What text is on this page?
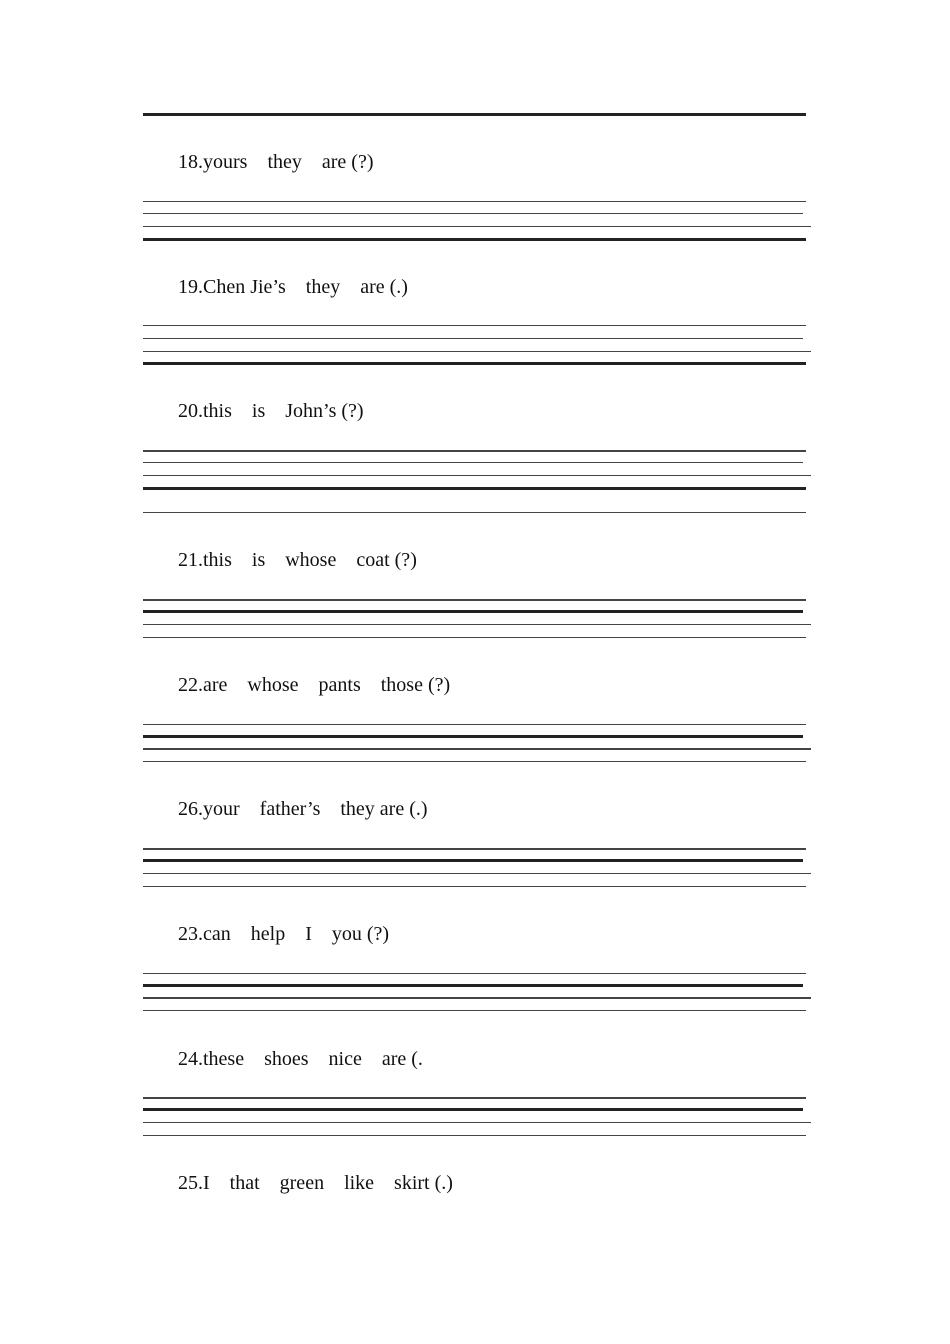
18.yours    they    are (?)
19.Chen Jie’s    they    are (.)
20.this    is    John’s (?)
21.this    is    whose    coat (?)
22.are    whose    pants    those (?)
26.your    father’s    they are (.)
23.can    help    I    you (?)
24.these    shoes    nice    are (.
25.I    that    green    like    skirt (.)
